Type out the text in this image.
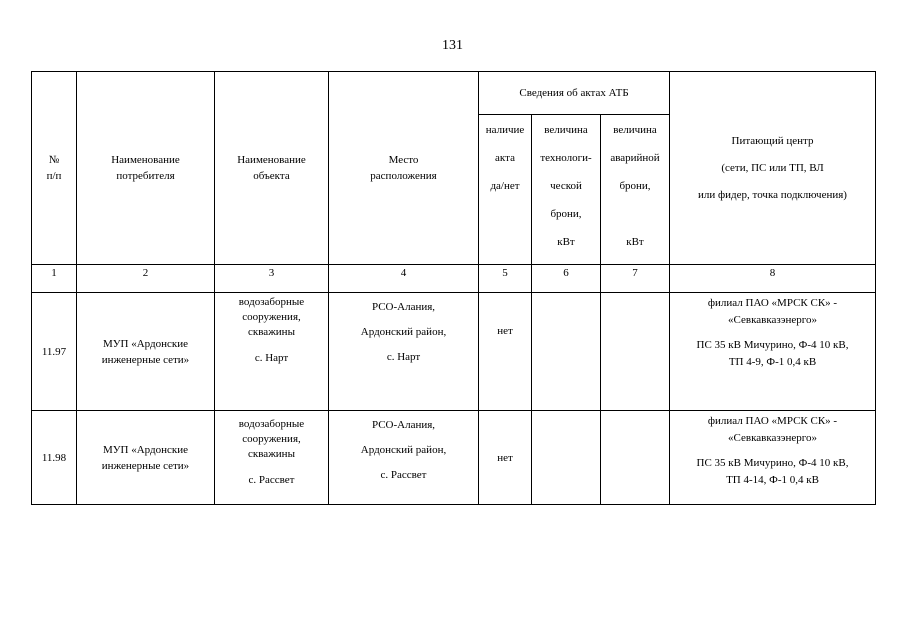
131
№
п/п	Наименование
потребителя	Наименование
объекта	Место
расположения	Сведения об актах АТБ			Питающий центр
(сети, ПС или ТП, ВЛ
или фидер, точка подключения)

				наличие
акта
да/нет	величина
технологи-
ческой
брони,
кВт	величина
аварийной
брони,

кВт	

1	2	3	4	5	6	7	8
11.97	МУП «Ардонские
инженерные сети»	водозаборные
сооружения,
скважины
с. Нарт	РСО-Алания,
Ардонский район,
с. Нарт	нет			филиал ПАО «МРСК СК» -
«Севкавказэнерго»
ПС 35 кВ Мичурино, Ф-4 10 кВ,
ТП 4-9, Ф-1 0,4 кВ

11.98	МУП «Ардонские
инженерные сети»	водозаборные
сооружения,
скважины
с. Рассвет	РСО-Алания,
Ардонский район,
с. Рассвет	нет			филиал ПАО «МРСК СК» -
«Севкавказэнерго»
ПС 35 кВ Мичурино, Ф-4 10 кВ,
ТП 4-14, Ф-1 0,4 кВ
